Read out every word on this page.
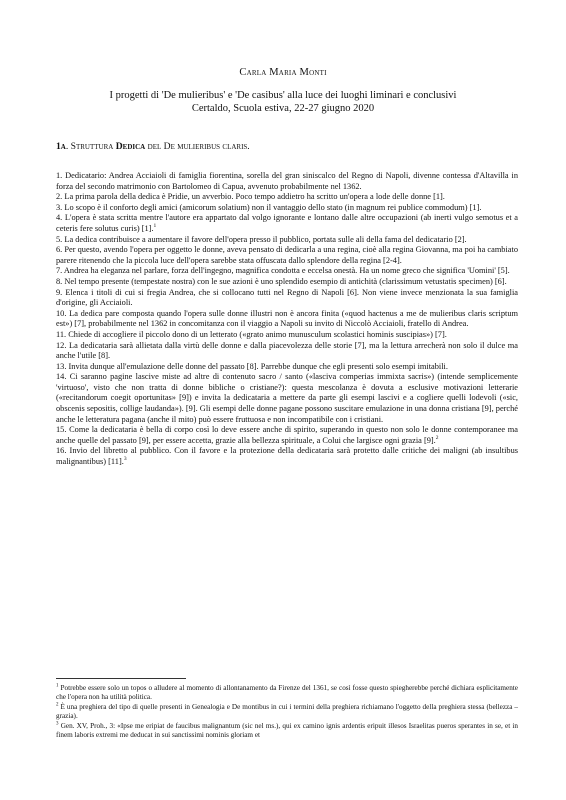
Carla Maria Monti
I progetti di 'De mulieribus' e 'De casibus' alla luce dei luoghi liminari e conclusivi
Certaldo, Scuola estiva, 22-27 giugno 2020
1a. Struttura Dedica del De mulieribus claris.

1. Dedicatario: Andrea Acciaioli di famiglia fiorentina, sorella del gran siniscalco del Regno di Napoli, divenne contessa d'Altavilla in forza del secondo matrimonio con Bartolomeo di Capua, avvenuto probabilmente nel 1362.

2. La prima parola della dedica è Pridie, un avverbio. Poco tempo addietro ha scritto un'opera a lode delle donne [1].

3. Lo scopo è il conforto degli amici (amicorum solatium) non il vantaggio dello stato (in magnum rei publice commodum) [1].

4. L'opera è stata scritta mentre l'autore era appartato dal volgo ignorante e lontano dalle altre occupazioni (ab inerti vulgo semotus et a ceteris fere solutus curis) [1].$^1$

5. La dedica contribuisce a aumentare il favore dell'opera presso il pubblico, portata sulle ali della fama del dedicatario [2].

6. Per questo, avendo l'opera per oggetto le donne, aveva pensato di dedicarla a una regina, cioè alla regina Giovanna, ma poi ha cambiato parere ritenendo che la piccola luce dell'opera sarebbe stata offuscata dallo splendore della regina [2-4].

7. Andrea ha eleganza nel parlare, forza dell'ingegno, magnifica condotta e eccelsa onestà. Ha un nome greco che significa 'Uomini' [5].

8. Nel tempo presente (tempestate nostra) con le sue azioni è uno splendido esempio di antichità (clarissimum vetustatis specimen) [6].

9. Elenca i titoli di cui si fregia Andrea, che si collocano tutti nel Regno di Napoli [6]. Non viene invece menzionata la sua famiglia d'origine, gli Acciaioli.

10. La dedica pare composta quando l'opera sulle donne illustri non è ancora finita («quod hactenus a me de mulieribus claris scriptum est») [7], probabilmente nel 1362 in concomitanza con il viaggio a Napoli su invito di Niccolò Acciaioli, fratello di Andrea.

11. Chiede di accogliere il piccolo dono di un letterato («grato animo munusculum scolastici hominis suscipias») [7].

12. La dedicataria sarà allietata dalla virtù delle donne e dalla piacevolezza delle storie [7], ma la lettura arrecherà non solo il dulce ma anche l'utile [8].

13. Invita dunque all'emulazione delle donne del passato [8]. Parrebbe dunque che egli presenti solo esempi imitabili.

14. Ci saranno pagine lascive miste ad altre di contenuto sacro / santo («lasciva comperias immixta sacris») (intende semplicemente 'virtuoso', visto che non tratta di donne bibliche o cristiane?): questa mescolanza è dovuta a esclusive motivazioni letterarie («recitandorum coegit oportunitas» [9]) e invita la dedicataria a mettere da parte gli esempi lascivi e a cogliere quelli lodevoli («sic, obscenis sepositis, collige laudanda»). [9]. Gli esempi delle donne pagane possono suscitare emulazione in una donna cristiana [9], perché anche le letteratura pagana (anche il mito) può essere fruttuosa e non incompatibile con i cristiani.

15. Come la dedicataria è bella di corpo così lo deve essere anche di spirito, superando in questo non solo le donne contemporanee ma anche quelle del passato [9], per essere accetta, grazie alla bellezza spirituale, a Colui che largisce ogni grazia [9].$^2$

16. Invio del libretto al pubblico. Con il favore e la protezione della dedicataria sarà protetto dalle critiche dei maligni (ab insultibus malignantibus) [11].$^3$

$^1$ Potrebbe essere solo un topos o alludere al momento di allontanamento da Firenze del 1361, se così fosse questo spiegherebbe perché dichiara esplicitamente che l'opera non ha utilità politica.

$^2$ È una preghiera del tipo di quelle presenti in Genealogia e De montibus in cui i termini della preghiera richiamano l'oggetto della preghiera stessa (bellezza – grazia).

$^3$ Gen. XV, Proh., 3: «Ipse me eripiat de faucibus malignantum (sic nel ms.), qui ex camino ignis ardentis eripuit illesos Israelitas pueros sperantes in se, et in finem laboris extremi me deducat in sui sanctissimi nominis gloriam et
